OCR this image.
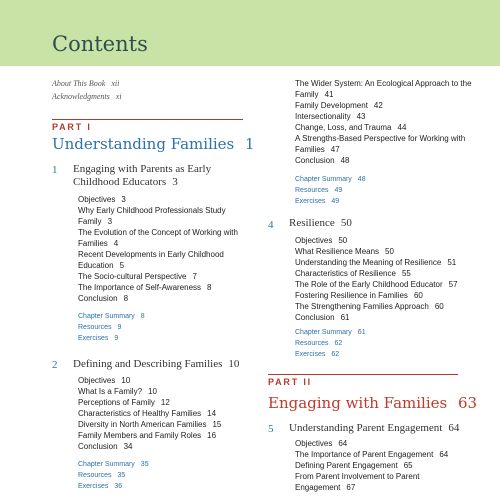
Contents
About This Book xii
Acknowledgments xi
PART I
Understanding Families 1
1 Engaging with Parents as Early Childhood Educators 3
2 Defining and Describing Families 10
4 Resilience 50
PART II
Engaging with Families 63
5 Understanding Parent Engagement 64
Objectives 3
Why Early Childhood Professionals Study Family 3
The Evolution of the Concept of Working with Families 4
Recent Developments in Early Childhood Education 5
The Socio-cultural Perspective 7
The Importance of Self-Awareness 8
Conclusion 8
Chapter Summary 8
Resources 9
Exercises 9
Objectives 10
What Is a Family? 10
Perceptions of Family 12
Characteristics of Healthy Families 14
Diversity in North American Families 15
Family Members and Family Roles 16
Conclusion 34
Chapter Summary 35
Resources 35
Exercises 36
The Wider System: An Ecological Approach to the Family 41
Family Development 42
Intersectionality 43
Change, Loss, and Trauma 44
A Strengths-Based Perspective for Working with Families 47
Conclusion 48
Chapter Summary 48
Resources 49
Exercises 49
Objectives 50
What Resilience Means 50
Understanding the Meaning of Resilience 51
Characteristics of Resilience 55
The Role of the Early Childhood Educator 57
Fostering Resilience in Families 60
The Strengthening Families Approach 60
Conclusion 61
Chapter Summary 61
Resources 62
Exercises 62
Objectives 64
The Importance of Parent Engagement 64
Defining Parent Engagement 65
From Parent Involvement to Parent Engagement 67
